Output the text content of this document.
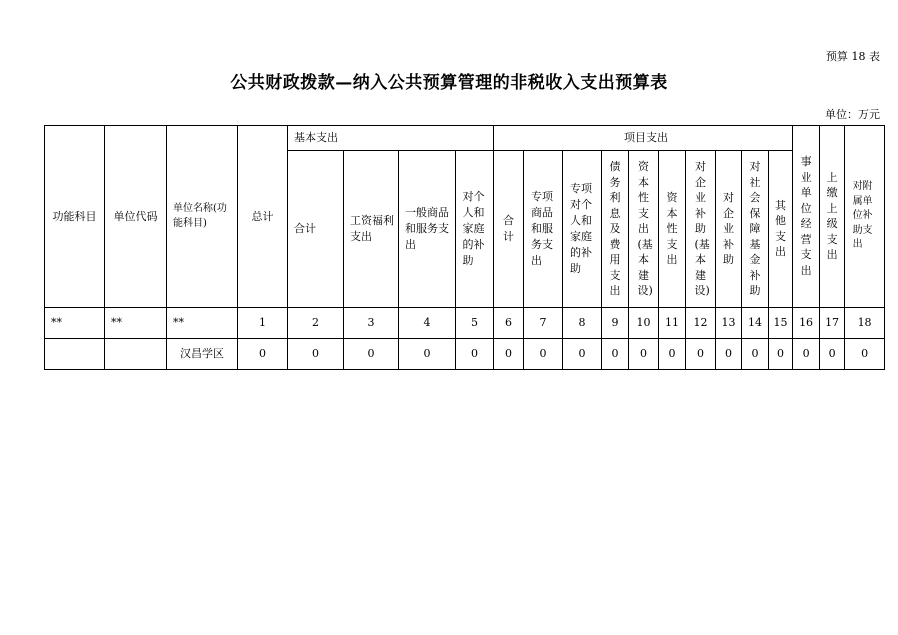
预算 18 表
公共财政拨款—纳入公共预算管理的非税收入支出预算表
单位：万元
功能科目	单位代码	单位名称(功能科目)	总计	基本支出				项目支出										事业单位经营支出	上缴上级支出	对附属单位补助支出
				合计	工资福利支出	一般商品和服务支出	对个人和家庭的补助	合计	专项商品和服务支出	专项对个人和家庭的补助	债务利息及费用支出	资本性支出(基本建设)	资本性支出	对企业补助(基本建设)	对企业补助	对社会保障基金补助	其他支出			
**	**	**	1	2	3	4	5	6	7	8	9	10	11	12	13	14	15	16	17	18
		汉昌学区	0	0	0	0	0	0	0	0	0	0	0	0	0	0	0	0	0	0
